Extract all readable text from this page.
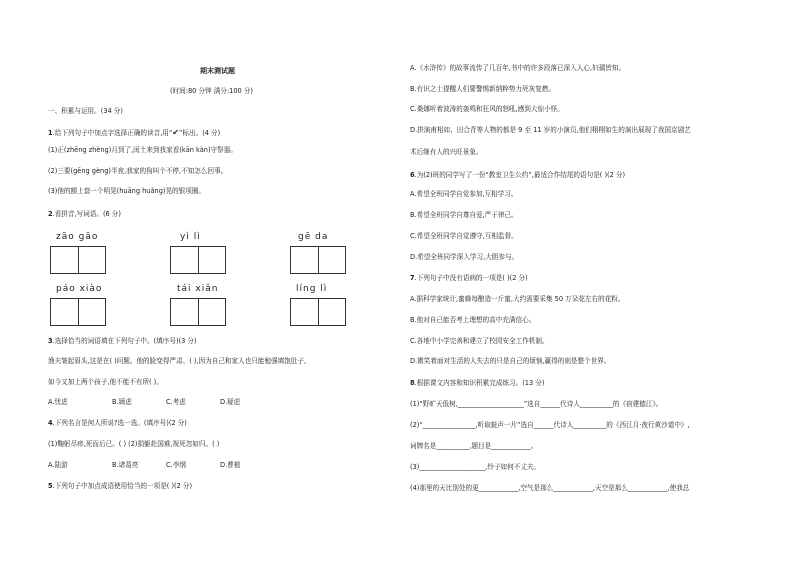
期末测试题
(时间:80 分钟 满分:100 分)
一、积累与运用。(34 分)
1.给下列句子中加点字选择正确的读音,用“✔”标出。(4 分)
(1)正(zhēng zhèng)月到了,闰土来到我家看(kān kàn)守祭器。
(2)三要(gēng gèng)半夜,我家的狗叫个不停,不知怎么回事。
(3)他的额上套一个明晃(huāng huǎng)晃的银项圈。
2.看拼音,写词语。(6 分)
zāo gāo	yì lì	gē da
páo xiào	tái xiǎn	líng lì
3.选择恰当的词语填在下列句子中。(填序号)(3 分)
渔夫皱起眉头,这是在( )问题。他的脸变得严肃、( ),因为自己和家人也只能勉强填饱肚子,
如今又加上两个孩子,他不能不有所( )。
A.忧虑	B.顾虑	C.考虑	D.疑虑
4.下列名言是何人所说?选一选。(填序号)(2 分)
(1)鞠躬尽瘁,死而后已。( ) (2)捐躯赴国难,视死忽如归。( )
A.陆游	B.诸葛亮	C.李纲	D.曹植
5.下列句子中加点成语使用恰当的一项是( )(2 分)
A.《水浒传》的故事流传了几百年,书中的许多段落已深入人心,妇孺皆知。
B.有识之士提醒人们要警惕新纳粹势力死灰复燃。
C.桑娜听着波涛的轰鸣和狂风的怒吼,感到大惊小怪。
D.拼演甫相如、田合背等人物的都是 9 至 11 岁的小演员,他们栩栩如生的演出展现了我国京剧艺
术后继有人的兴旺景象。
6.为(2)班的同学写了一份“教室卫生公约”,最适合作结尾的语句是( )(2 分)
A.希望全班同学自觉参加,互相学习。
B.希望全班同学自尊自爱,严于律己。
C.希望全班同学自觉遵守,互相监督。
D.希望全班同学深入学习,大胆参与。
7.下列句子中没有语病的一项是( )(2 分)
A.据科学家统计,蜜蜂每酿造一斤蜜,大约需要采集 50 万朵花左右的花粉。
B.他对自己能否考上理想的高中充满信心。
C.各地中小学完善和建立了校园安全工作机制。
D.微笑着面对生活的人失去的只是自己的烦恼,赢得的则是整个世界。
8.根据课文内容和知识积累完成练习。(13 分)
(1)“野旷天低树,____________________”选自______代诗人__________的《宿建德江》。
(2)“________________,听取蛙声一片”选自______代诗人__________的《西江月·夜行黄沙道中》,
词牌名是__________,题目是____________。
(3)____________________,怜子如何不丈夫。
(4)那里的天比别处的更____________,空气是那么____________,天空是那么____________,使我总
